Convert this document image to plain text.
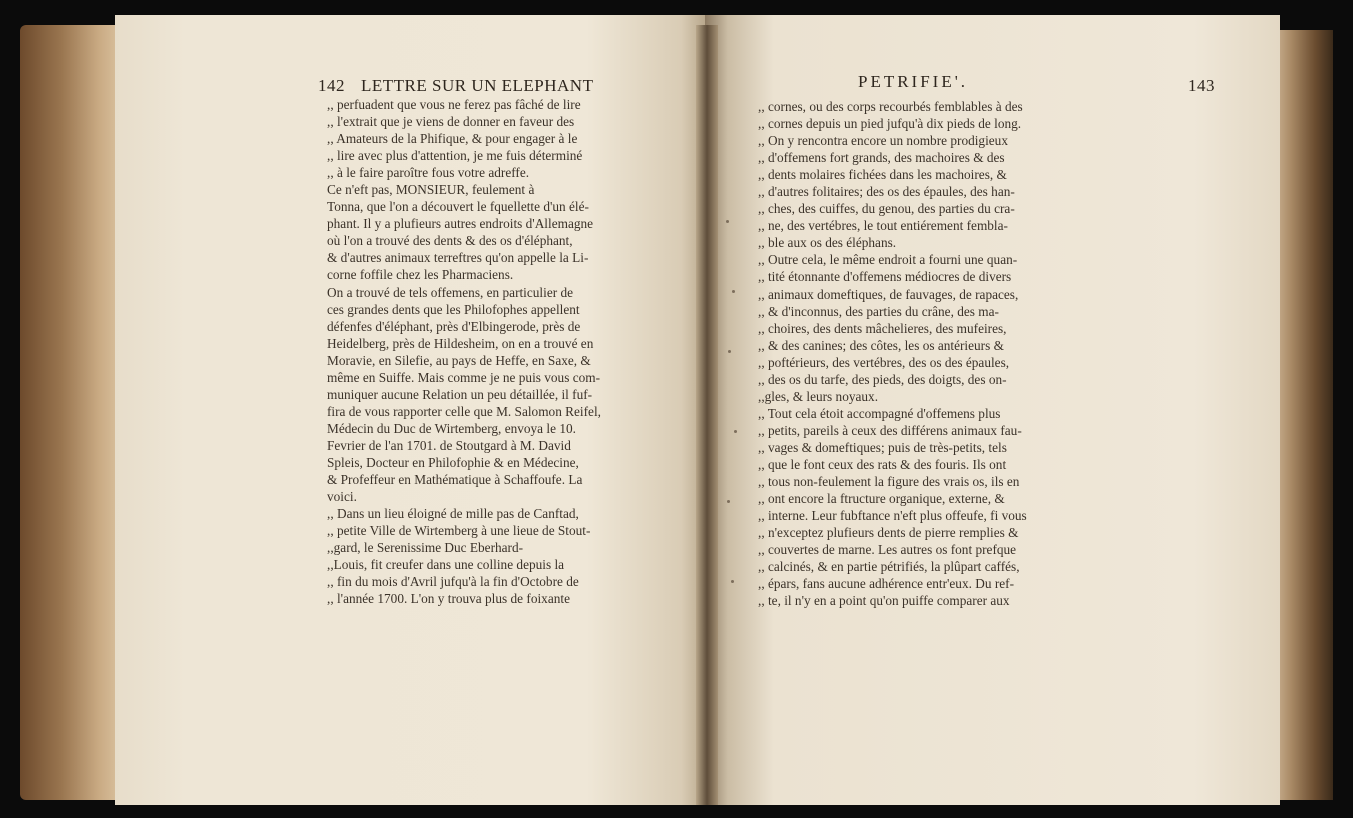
142 LETTRE SUR UN ELEPHANT	PETRIFIE'.	143
,, perfuadent que vous ne ferez pas fâché de lire
,, l'extrait que je viens de donner en faveur des
,, Amateurs de la Phifique, & pour engager à le
,, lire avec plus d'attention, je me fuis déterminé
,, à le faire paroître fous votre adreffe.
Ce n'eft pas, MONSIEUR, feulement à
Tonna, que l'on a découvert le fquellette d'un élé-
phant. Il y a plufieurs autres endroits d'Allemagne
où l'on a trouvé des dents & des os d'éléphant,
& d'autres animaux terreftres qu'on appelle la Li-
corne foffile chez les Pharmaciens.
On a trouvé de tels offemens, en particulier de
ces grandes dents que les Philofophes appellent
défenfes d'éléphant, près d'Elbingerode, près de
Heidelberg, près de Hildesheim, on en a trouvé en
Moravie, en Silefie, au pays de Heffe, en Saxe, &
même en Suiffe. Mais comme je ne puis vous com-
muniquer aucune Relation un peu détaillée, il fuf-
fira de vous rapporter celle que M. Salomon Reifel,
Médecin du Duc de Wirtemberg, envoya le 10.
Fevrier de l'an 1701. de Stoutgard à M. David
Spleis, Docteur en Philofophie & en Médecine,
& Profeffeur en Mathématique à Schaffoufe. La
voici.
,, Dans un lieu éloigné de mille pas de Canftad,
,, petite Ville de Wirtemberg à une lieue de Stout-
,,gard, le Serenissime Duc Eberhard-
,,Louis, fit creufer dans une colline depuis la
,, fin du mois d'Avril jufqu'à la fin d'Octobre de
,, l'année 1700. L'on y trouva plus de foixante
,, cornes, ou des corps recourbés femblables à des
,, cornes depuis un pied jufqu'à dix pieds de long.
,, On y rencontra encore un nombre prodigieux
,, d'offemens fort grands, des machoires & des
,, dents molaires fichées dans les machoires, &
,, d'autres folitaires; des os des épaules, des han-
,, ches, des cuiffes, du genou, des parties du cra-
,, ne, des vertébres, le tout entiérement fembla-
,, ble aux os des éléphans.
,, Outre cela, le même endroit a fourni une quan-
,, tité étonnante d'offemens médiocres de divers
,, animaux domeftiques, de fauvages, de rapaces,
,, & d'inconnus, des parties du crâne, des ma-
,, choires, des dents mâchelieres, des mufeires,
,, & des canines; des côtes, les os antérieurs &
,, poftérieurs, des vertébres, des os des épaules,
,, des os du tarfe, des pieds, des doigts, des on-
,,gles, & leurs noyaux.
,, Tout cela étoit accompagné d'offemens plus
,, petits, pareils à ceux des différens animaux fau-
,, vages & domeftiques; puis de très-petits, tels
,, que le font ceux des rats & des fouris. Ils ont
,, tous non-feulement la figure des vrais os, ils en
,, ont encore la ftructure organique, externe, &
,, interne. Leur fubftance n'eft plus offeufe, fi vous
,, n'exceptez plufieurs dents de pierre remplies &
,, couvertes de marne. Les autres os font prefque
,, calcinés, & en partie pétrifiés, la plûpart caffés,
,, épars, fans aucune adhérence entr'eux. Du ref-
,, te, il n'y en a point qu'on puiffe comparer aux
